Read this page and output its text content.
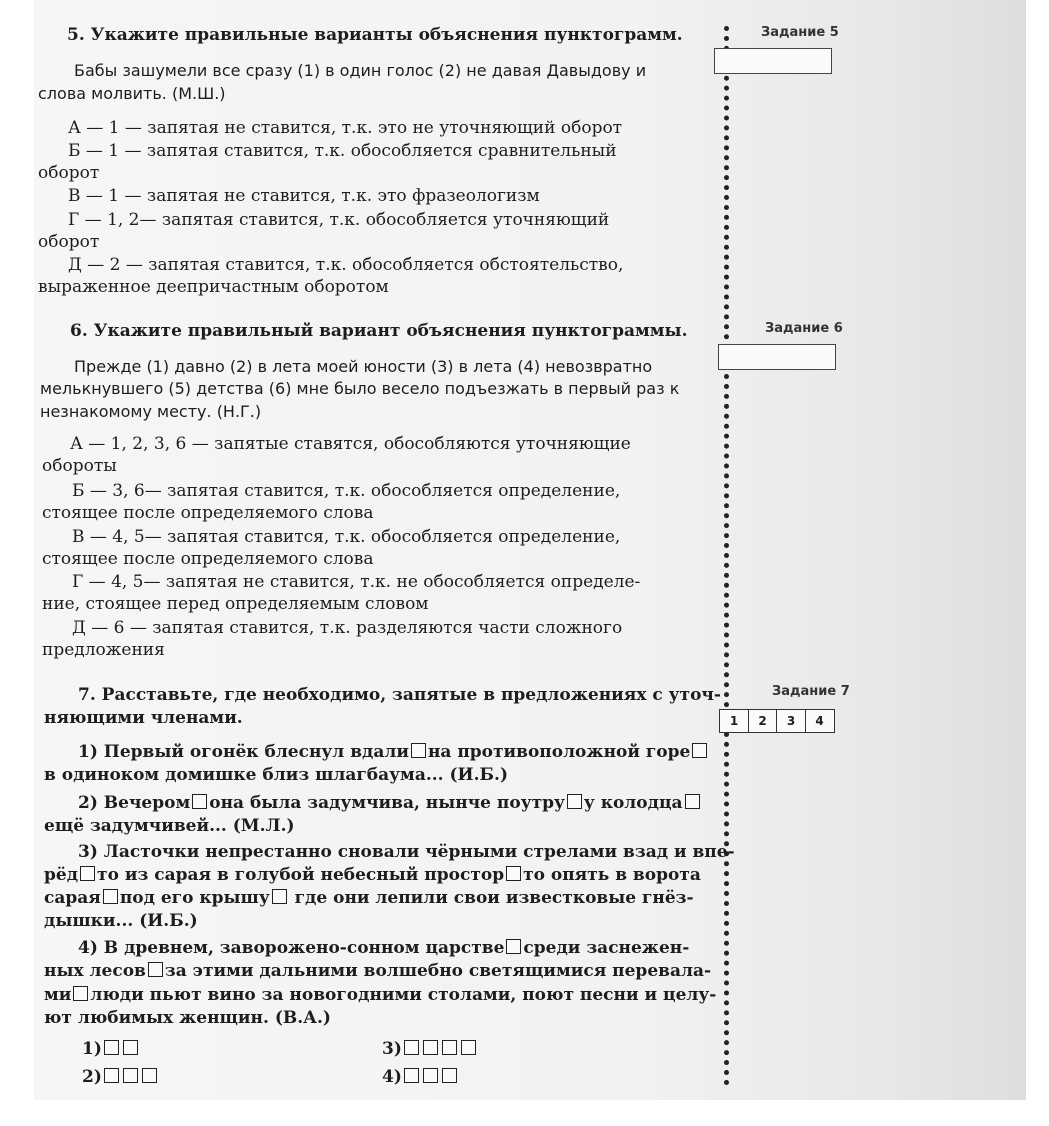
5. Укажите правильные варианты объяснения пунктограмм.
Бабы зашумели все сразу (1) в один голос (2) не давая Давыдову и
слова молвить. (М.Ш.)
А — 1 — запятая не ставится, т.к. это не уточняющий оборот
Б — 1 — запятая ставится, т.к. обособляется сравнительный
оборот
В — 1 — запятая не ставится, т.к. это фразеологизм
Г — 1, 2— запятая ставится, т.к. обособляется уточняющий
оборот
Д — 2 — запятая ставится, т.к. обособляется обстоятельство,
выраженное деепричастным оборотом
Задание 5
6. Укажите правильный вариант объяснения пунктограммы.
Прежде (1) давно (2) в лета моей юности (3) в лета (4) невозвратно
мелькнувшего (5) детства (6) мне было весело подъезжать в первый раз к
незнакомому месту. (Н.Г.)
А — 1, 2, 3, 6 — запятые ставятся, обособляются уточняющие
обороты
Б — 3, 6— запятая ставится, т.к. обособляется определение,
стоящее после определяемого слова
В — 4, 5— запятая ставится, т.к. обособляется определение,
стоящее после определяемого слова
Г — 4, 5— запятая не ставится, т.к. не обособляется определе-
ние, стоящее перед определяемым словом
Д — 6 — запятая ставится, т.к. разделяются части сложного
предложения
Задание 6
7. Расставьте, где необходимо, запятые в предложениях с уточ-
няющими членами.
1) Первый огонёк блеснул вдали на противоположной горе
в одиноком домишке близ шлагбаума... (И.Б.)
2) Вечером она была задумчива, нынче поутру у колодца
ещё задумчивей... (М.Л.)
3) Ласточки непрестанно сновали чёрными стрелами взад и впе-
рёд то из сарая в голубой небесный простор то опять в ворота
сарая под его крышу где они лепили свои известковые гнёз-
дышки... (И.Б.)
4) В древнем, заворожено-сонном царстве среди заснежен-
ных лесов за этими дальними волшебно светящимися перевала-
ми люди пьют вино за новогодними столами, поют песни и целу-
ют любимых женщин. (В.А.)
1)
2)
3)
4)
Задание 7
1	2	3	4
